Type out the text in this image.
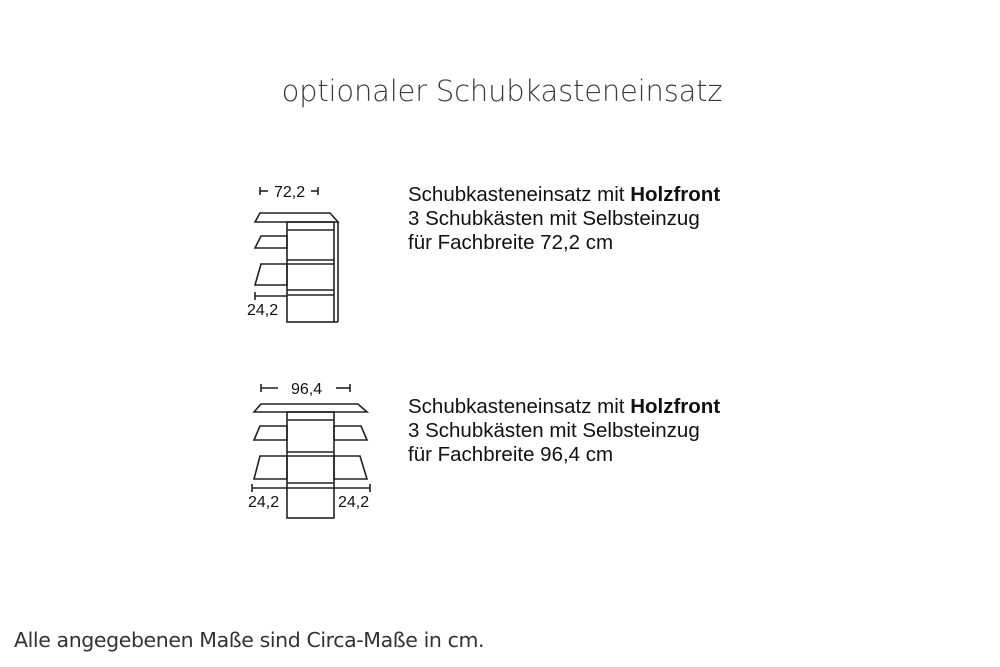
optionaler Schubkasteneinsatz
72,2
24,2
Schubkasteneinsatz mit Holzfront
3 Schubkästen mit Selbsteinzug
für Fachbreite 72,2 cm
96,4
24,2	24,2
Schubkasteneinsatz mit Holzfront
3 Schubkästen mit Selbsteinzug
für Fachbreite 96,4 cm
Alle angegebenen Maße sind Circa-Maße in cm.
